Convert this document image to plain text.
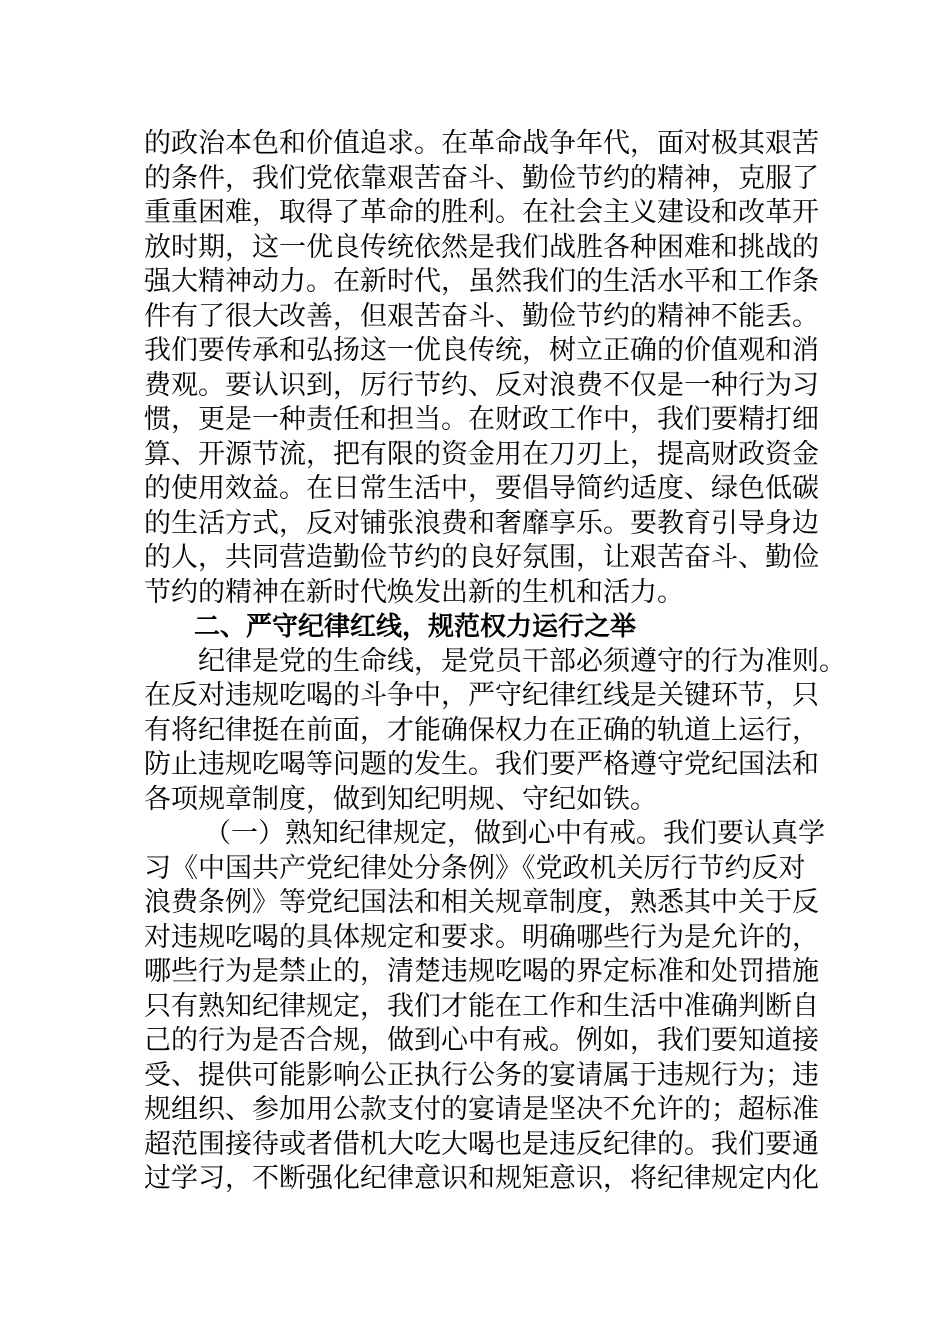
的政治本色和价值追求。在革命战争年代，面对极其艰苦
的条件，我们党依靠艰苦奋斗、勤俭节约的精神，克服了
重重困难，取得了革命的胜利。在社会主义建设和改革开
放时期，这一优良传统依然是我们战胜各种困难和挑战的
强大精神动力。在新时代，虽然我们的生活水平和工作条
件有了很大改善，但艰苦奋斗、勤俭节约的精神不能丢。
我们要传承和弘扬这一优良传统，树立正确的价值观和消
费观。要认识到，厉行节约、反对浪费不仅是一种行为习
惯，更是一种责任和担当。在财政工作中，我们要精打细
算、开源节流，把有限的资金用在刀刃上，提高财政资金
的使用效益。在日常生活中，要倡导简约适度、绿色低碳
的生活方式，反对铺张浪费和奢靡享乐。要教育引导身边
的人，共同营造勤俭节约的良好氛围，让艰苦奋斗、勤俭
节约的精神在新时代焕发出新的生机和活力。
二、严守纪律红线，规范权力运行之举
纪律是党的生命线，是党员干部必须遵守的行为准则。
在反对违规吃喝的斗争中，严守纪律红线是关键环节，只
有将纪律挺在前面，才能确保权力在正确的轨道上运行，
防止违规吃喝等问题的发生。我们要严格遵守党纪国法和
各项规章制度，做到知纪明规、守纪如铁。
（一）熟知纪律规定，做到心中有戒。我们要认真学
习《中国共产党纪律处分条例》《党政机关厉行节约反对
浪费条例》等党纪国法和相关规章制度，熟悉其中关于反
对违规吃喝的具体规定和要求。明确哪些行为是允许的，
哪些行为是禁止的，清楚违规吃喝的界定标准和处罚措施
只有熟知纪律规定，我们才能在工作和生活中准确判断自
己的行为是否合规，做到心中有戒。例如，我们要知道接
受、提供可能影响公正执行公务的宴请属于违规行为；违
规组织、参加用公款支付的宴请是坚决不允许的；超标准
超范围接待或者借机大吃大喝也是违反纪律的。我们要通
过学习，不断强化纪律意识和规矩意识，将纪律规定内化
